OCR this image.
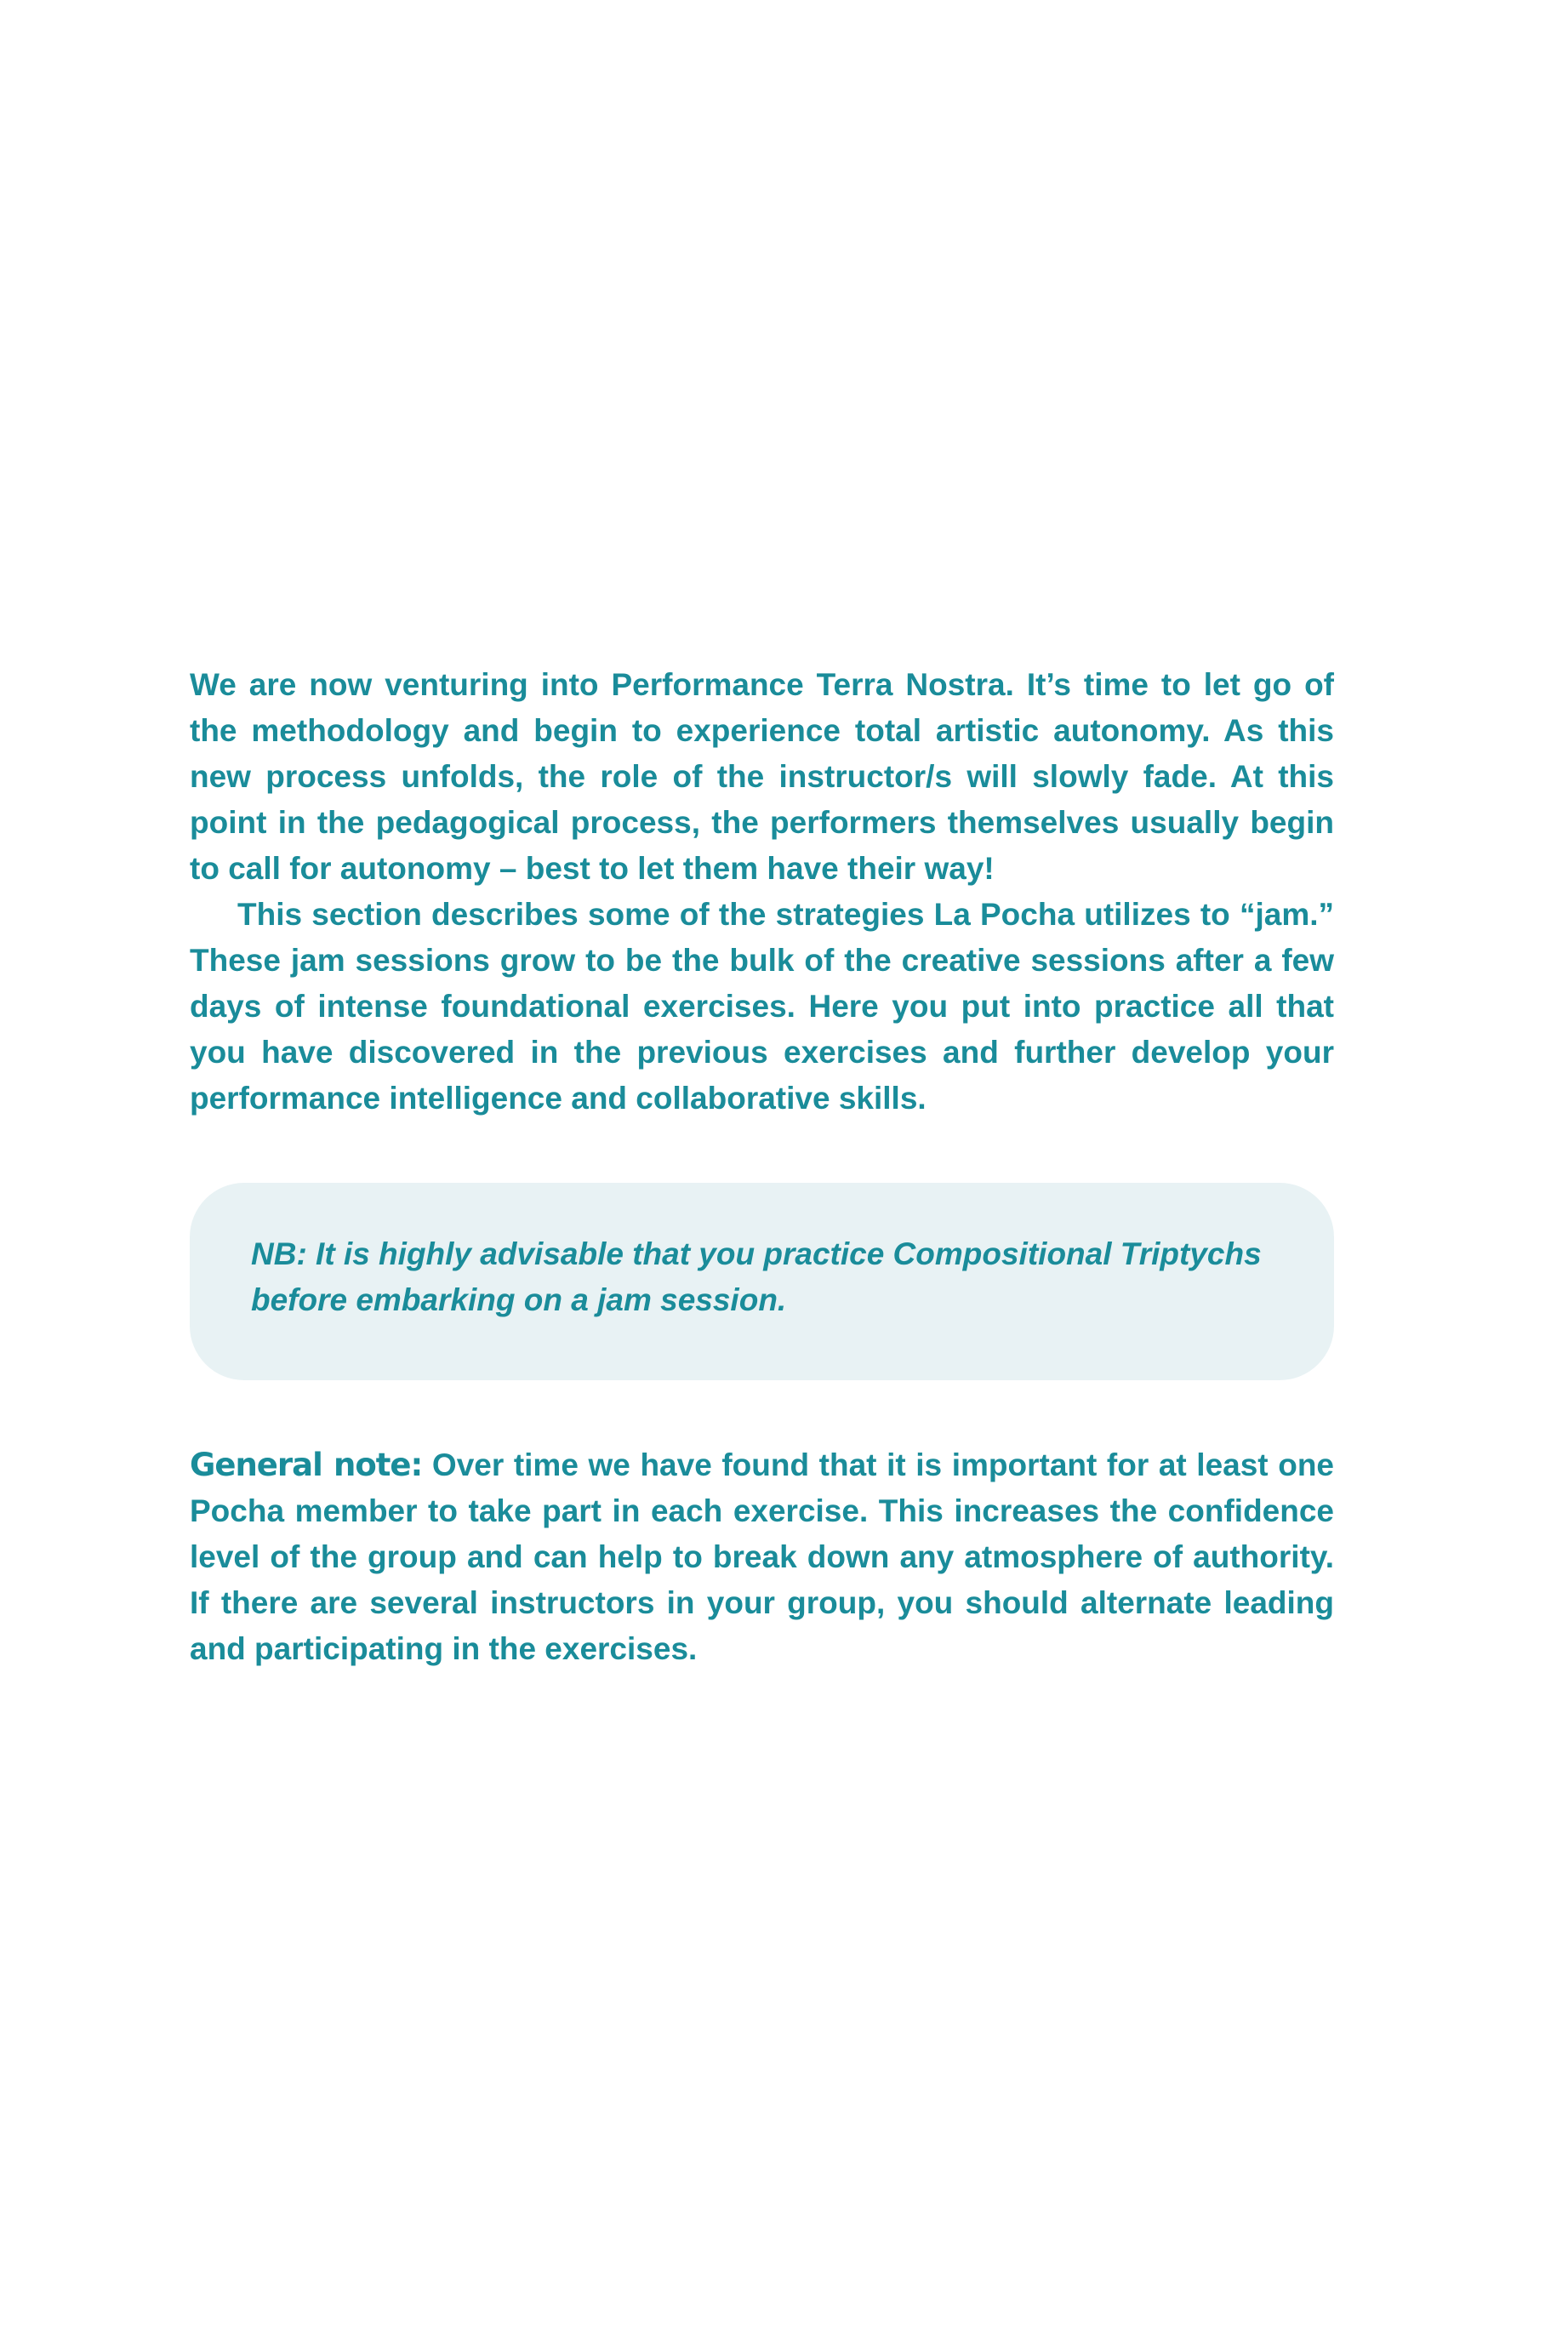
We are now venturing into Performance Terra Nostra. It’s time to let go of the methodology and begin to experience total artistic autonomy. As this new process unfolds, the role of the instructor/s will slowly fade. At this point in the pedagogical process, the performers themselves usually begin to call for autonomy – best to let them have their way!

This section describes some of the strategies La Pocha utilizes to “jam.” These jam sessions grow to be the bulk of the creative sessions after a few days of intense foundational exercises. Here you put into practice all that you have discovered in the previous exercises and further develop your performance intelligence and collaborative skills.

NB: It is highly advisable that you practice Compositional Triptychs before embarking on a jam session.

General note: Over time we have found that it is important for at least one Pocha member to take part in each exercise. This increases the confidence level of the group and can help to break down any atmosphere of authority. If there are several instructors in your group, you should alternate leading and participating in the exercises.
